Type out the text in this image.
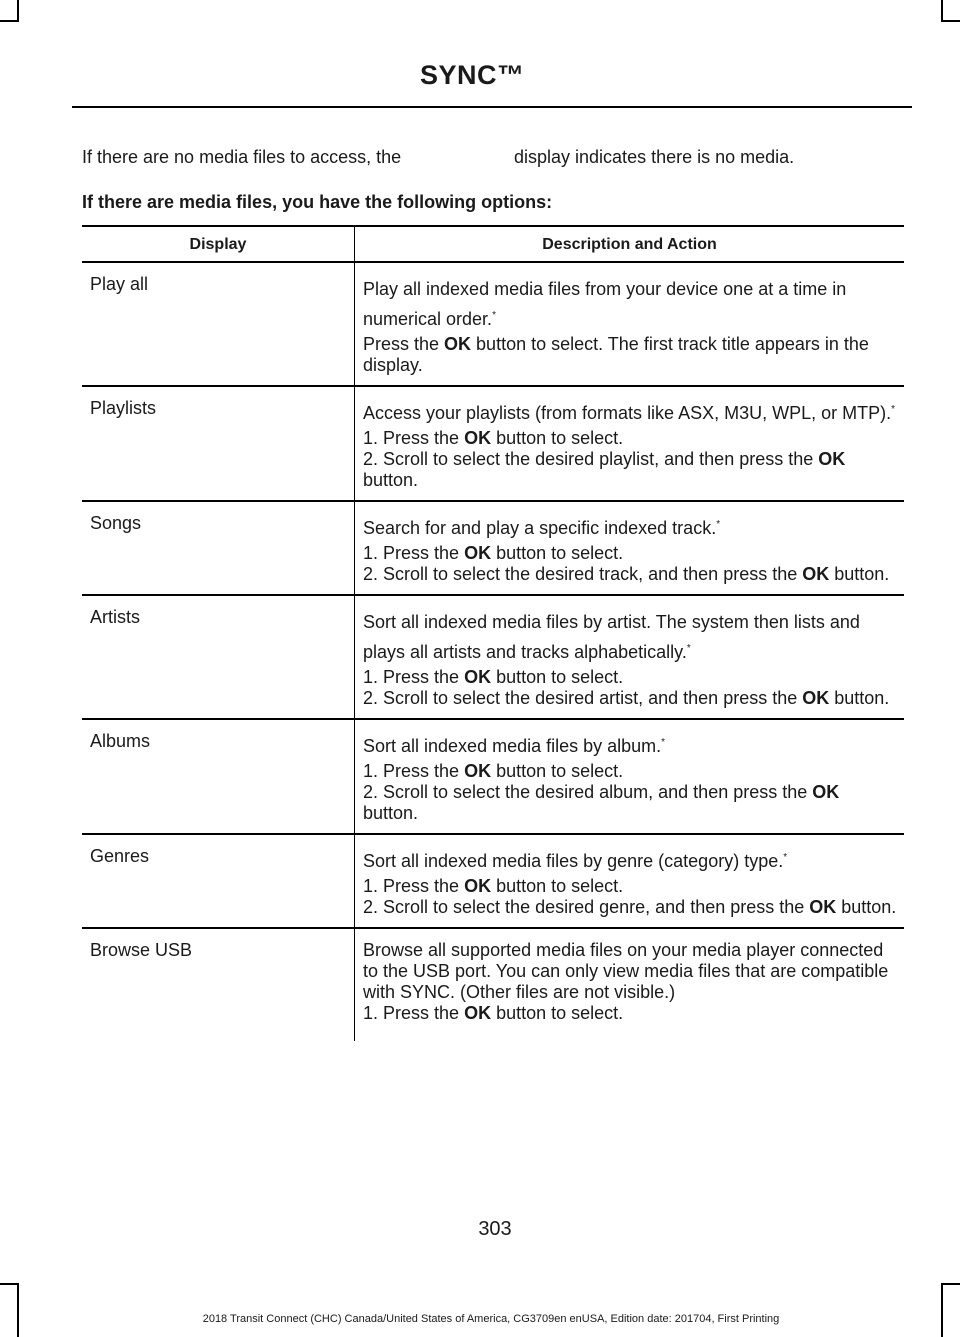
SYNC™
If there are no media files to access, the	display indicates there is no media.
If there are media files, you have the following options:
Display	Description and Action
Play all	Play all indexed media files from your device one at a time in numerical order.*
Press the OK button to select. The first track title appears in the display.

Playlists	Access your playlists (from formats like ASX, M3U, WPL, or MTP).*
1. Press the OK button to select.
2. Scroll to select the desired playlist, and then press the OK button.

Songs	Search for and play a specific indexed track.*
1. Press the OK button to select.
2. Scroll to select the desired track, and then press the OK button.

Artists	Sort all indexed media files by artist. The system then lists and plays all artists and tracks alphabetically.*
1. Press the OK button to select.
2. Scroll to select the desired artist, and then press the OK button.

Albums	Sort all indexed media files by album.*
1. Press the OK button to select.
2. Scroll to select the desired album, and then press the OK button.

Genres	Sort all indexed media files by genre (category) type.*
1. Press the OK button to select.
2. Scroll to select the desired genre, and then press the OK button.

Browse USB	Browse all supported media files on your media player connected to the USB port. You can only view media files that are compatible with SYNC. (Other files are not visible.)
1. Press the OK button to select.
303
2018 Transit Connect (CHC) Canada/United States of America, CG3709en enUSA, Edition date: 201704, First Printing
